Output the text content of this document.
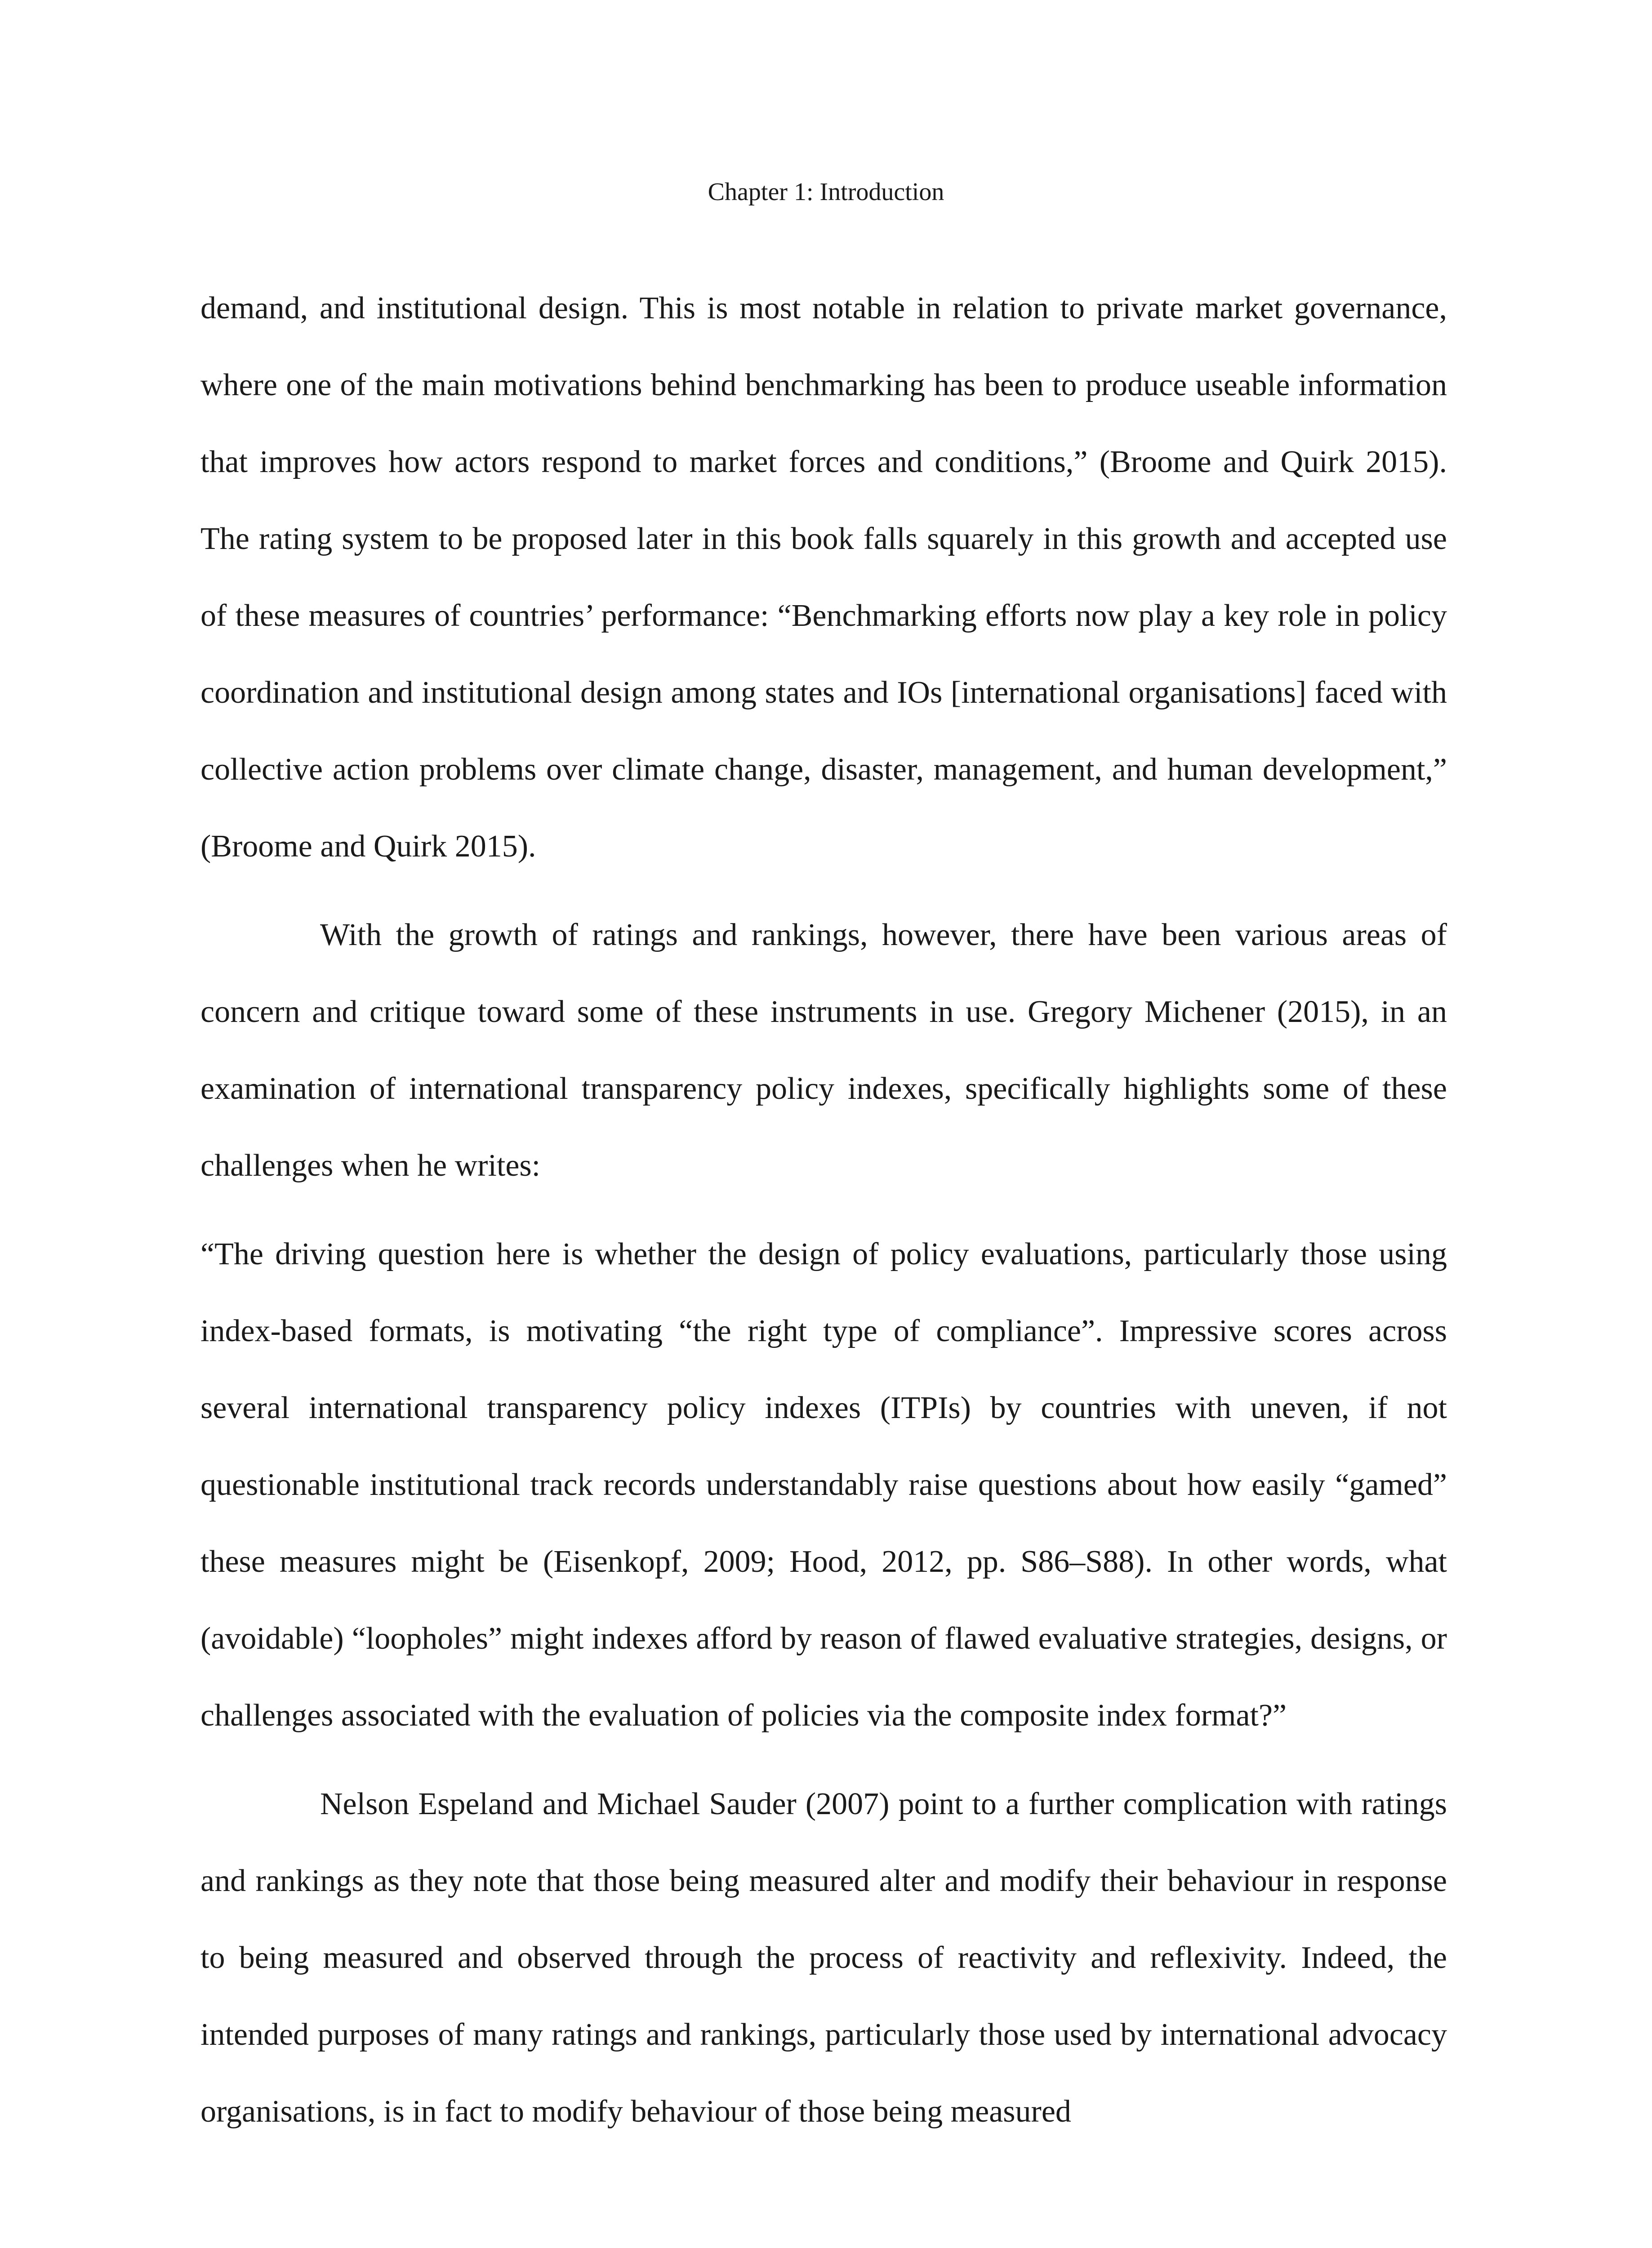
Chapter 1: Introduction

demand, and institutional design. This is most notable in relation to private market governance, where one of the main motivations behind benchmarking has been to produce useable information that improves how actors respond to market forces and conditions,” (Broome and Quirk 2015). The rating system to be proposed later in this book falls squarely in this growth and accepted use of these measures of countries’ performance: “Benchmarking efforts now play a key role in policy coordination and institutional design among states and IOs [international organisations] faced with collective action problems over climate change, disaster, management, and human development,” (Broome and Quirk 2015).

With the growth of ratings and rankings, however, there have been various areas of concern and critique toward some of these instruments in use. Gregory Michener (2015), in an examination of international transparency policy indexes, specifically highlights some of these challenges when he writes:

“The driving question here is whether the design of policy evaluations, particularly those using index-based formats, is motivating “the right type of compliance”. Impressive scores across several international transparency policy indexes (ITPIs) by countries with uneven, if not questionable institutional track records understandably raise questions about how easily “gamed” these measures might be (Eisenkopf, 2009; Hood, 2012, pp. S86–S88). In other words, what (avoidable) “loopholes” might indexes afford by reason of flawed evaluative strategies, designs, or challenges associated with the evaluation of policies via the composite index format?”

Nelson Espeland and Michael Sauder (2007) point to a further complication with ratings and rankings as they note that those being measured alter and modify their behaviour in response to being measured and observed through the process of reactivity and reflexivity. Indeed, the intended purposes of many ratings and rankings, particularly those used by international advocacy organisations, is in fact to modify behaviour of those being measured
